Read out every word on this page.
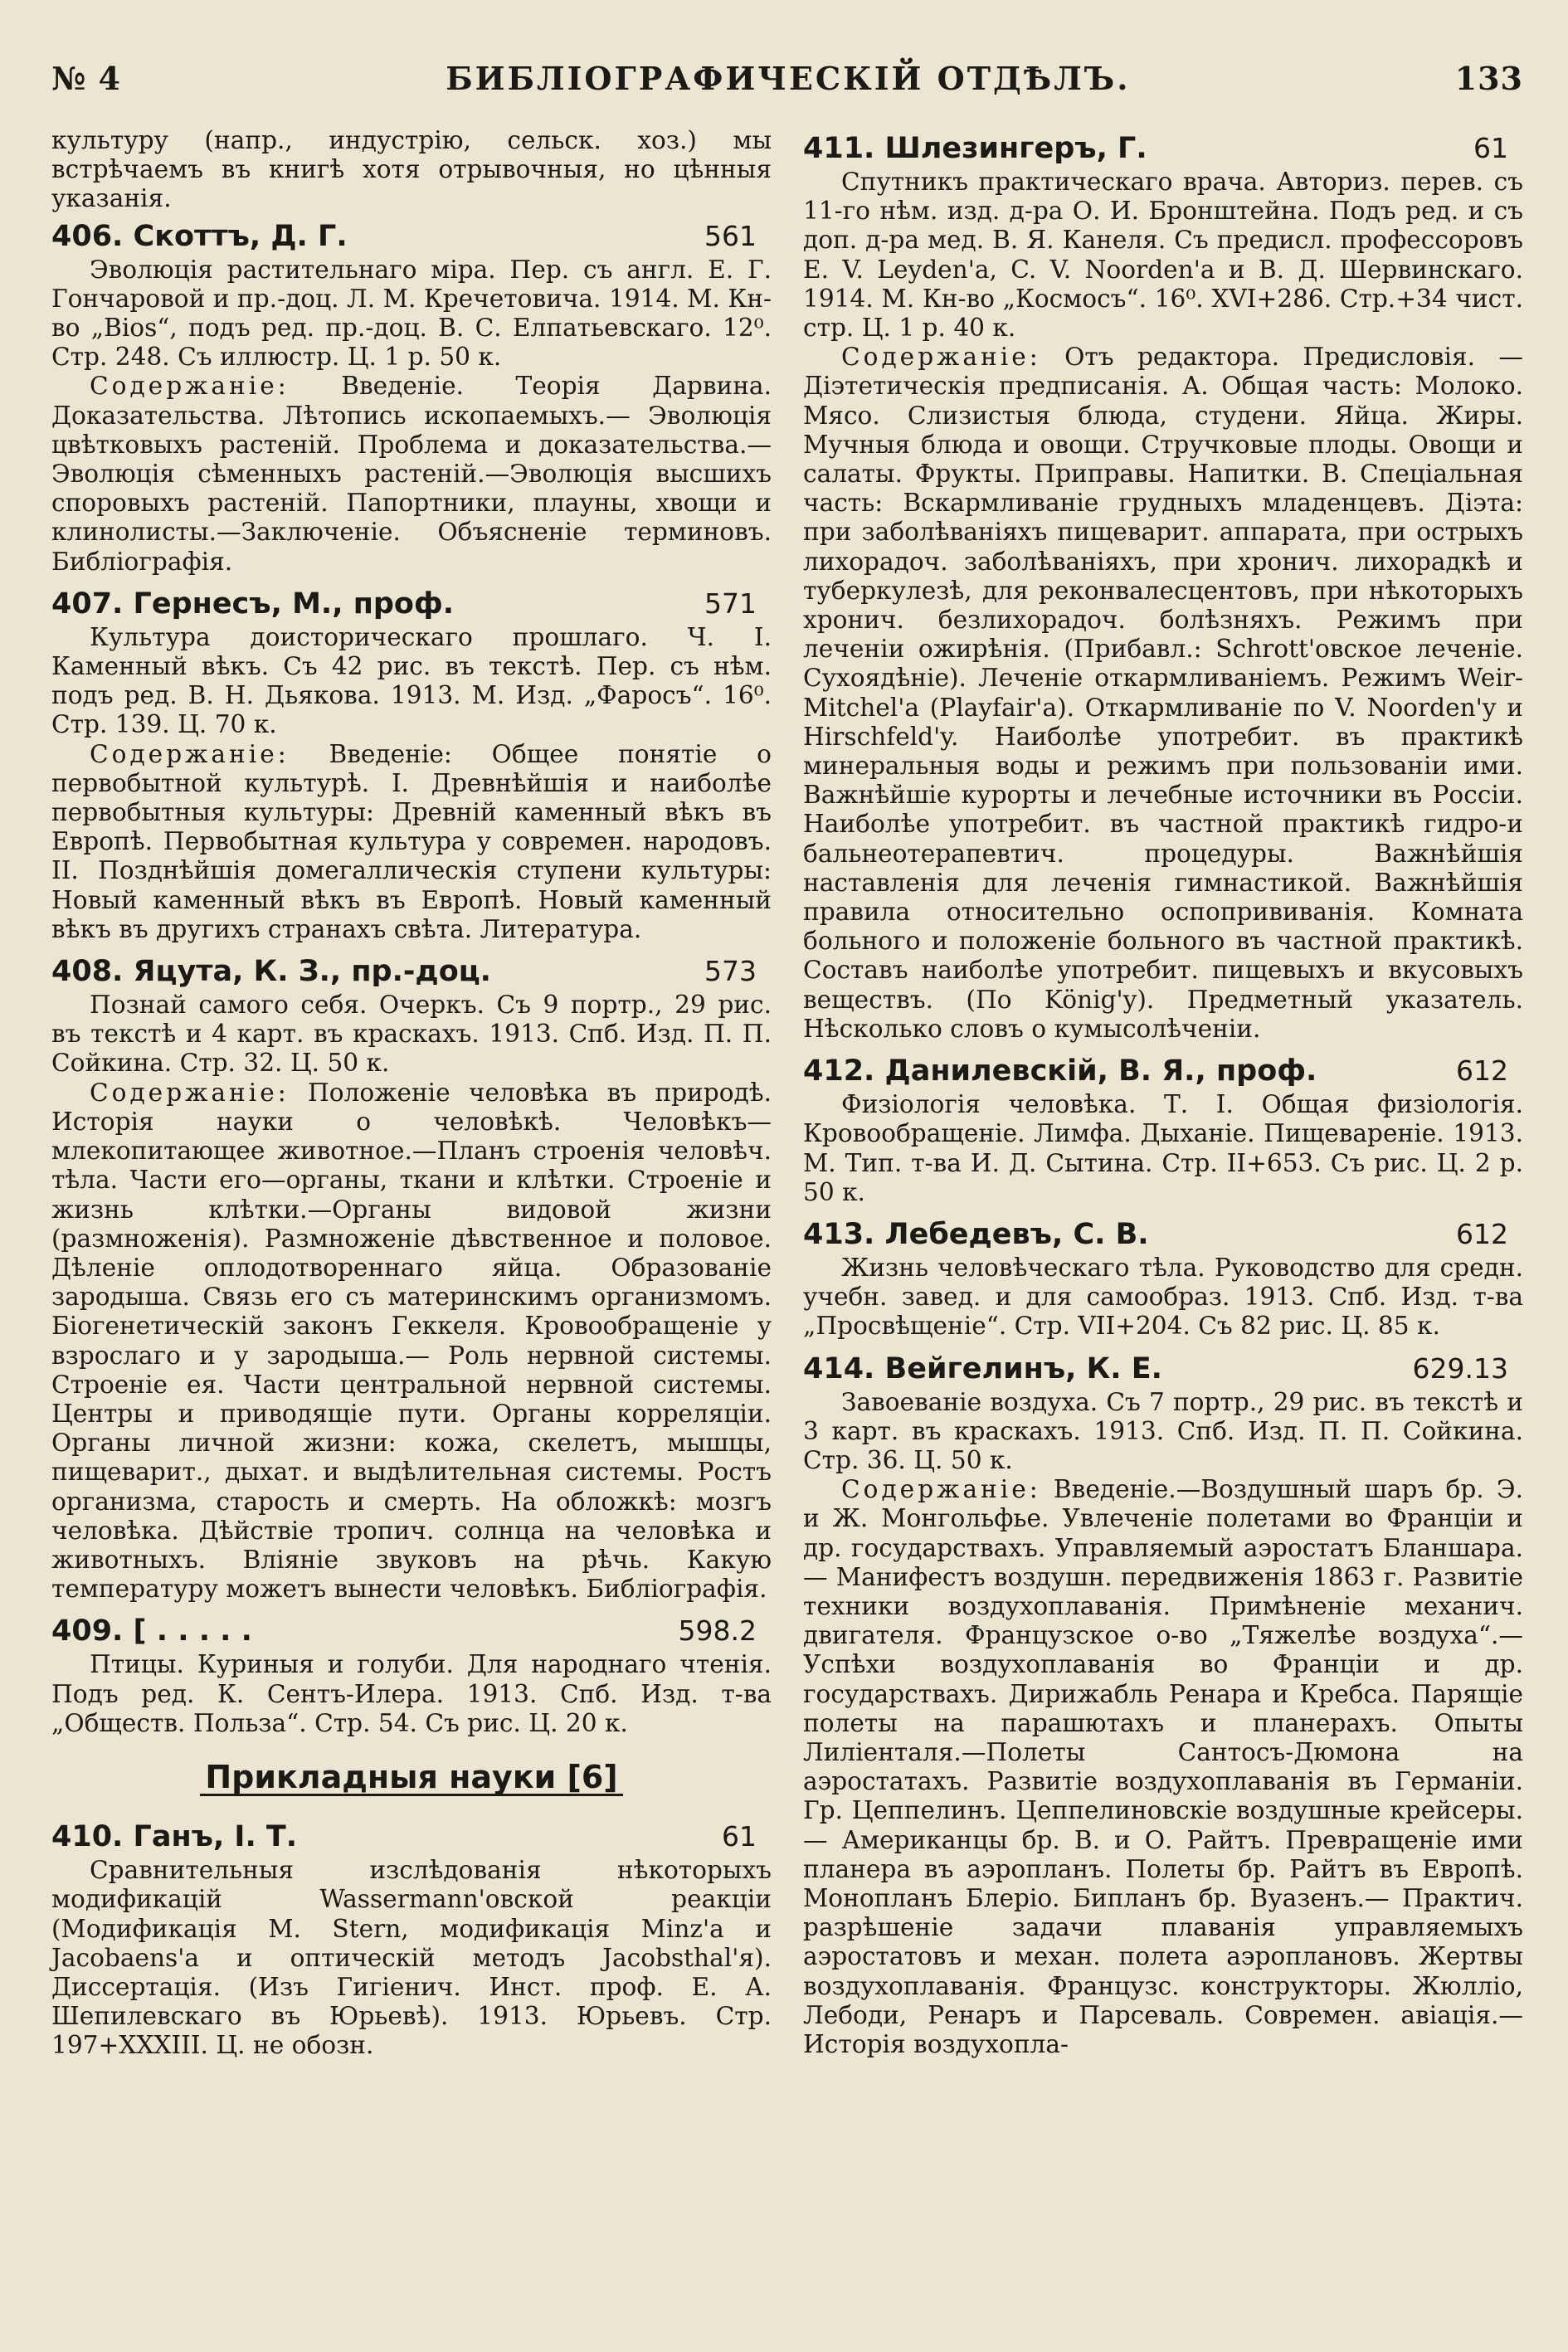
№ 4	БИБЛІОГРАФИЧЕСКІЙ ОТДѢЛЪ.	133

культуру (напр., индустрію, сельск. хоз.) мы встрѣчаемъ въ книгѣ хотя отрывочныя, но цѣнныя указанія.

406. Скоттъ, Д. Г.	561

Эволюція растительнаго міра. Пер. съ англ. Е. Г. Гончаровой и пр.-доц. Л. М. Кречетовича. 1914. М. Кн-во „Bios“, подъ ред. пр.-доц. В. С. Елпатьевскаго. 12⁰. Стр. 248. Съ иллюстр. Ц. 1 р. 50 к.

Содержаніе: Введеніе. Теорія Дарвина. Доказательства. Лѣтопись ископаемыхъ.— Эволюція цвѣтковыхъ растеній. Проблема и доказательства.—Эволюція сѣменныхъ растеній.—Эволюція высшихъ споровыхъ растеній. Папортники, плауны, хвощи и клинолисты.—Заключеніе. Объясненіе терминовъ. Библіографія.

407. Гернесъ, М., проф.	571

Культура доисторическаго прошлаго. Ч. I. Каменный вѣкъ. Съ 42 рис. въ текстѣ. Пер. съ нѣм. подъ ред. В. Н. Дьякова. 1913. М. Изд. „Фаросъ“. 16⁰. Стр. 139. Ц. 70 к.

Содержаніе: Введеніе: Общее понятіе о первобытной культурѣ. I. Древнѣйшія и наиболѣе первобытныя культуры: Древній каменный вѣкъ въ Европѣ. Первобытная культура у современ. народовъ. II. Позднѣйшія домегаллическія ступени культуры: Новый каменный вѣкъ въ Европѣ. Новый каменный вѣкъ въ другихъ странахъ свѣта. Литература.

408. Яцута, К. З., пр.-доц.	573

Познай самого себя. Очеркъ. Съ 9 портр., 29 рис. въ текстѣ и 4 карт. въ краскахъ. 1913. Спб. Изд. П. П. Сойкина. Стр. 32. Ц. 50 к.

Содержаніе: Положеніе человѣка въ природѣ. Исторія науки о человѣкѣ. Человѣкъ— млекопитающее животное.—Планъ строенія человѣч. тѣла. Части его—органы, ткани и клѣтки. Строеніе и жизнь клѣтки.—Органы видовой жизни (размноженія). Размноженіе дѣвственное и половое. Дѣленіе оплодотвореннаго яйца. Образованіе зародыша. Связь его съ материнскимъ организмомъ. Біогенетическій законъ Геккеля. Кровообращеніе у взрослаго и у зародыша.— Роль нервной системы. Строеніе ея. Части центральной нервной системы. Центры и приводящіе пути. Органы корреляціи. Органы личной жизни: кожа, скелетъ, мышцы, пищеварит., дыхат. и выдѣлительная системы. Ростъ организма, старость и смерть. На обложкѣ: мозгъ человѣка. Дѣйствіе тропич. солнца на человѣка и животныхъ. Вліяніе звуковъ на рѣчь. Какую температуру можетъ вынести человѣкъ. Библіографія.

409. [ . . . . .	598.2

Птицы. Куриныя и голуби. Для народнаго чтенія. Подъ ред. К. Сентъ-Илера. 1913. Спб. Изд. т-ва „Обществ. Польза“. Стр. 54. Съ рис. Ц. 20 к.

Прикладныя науки [6]
410. Ганъ, І. Т.	61

Сравнительныя изслѣдованія нѣкоторыхъ модификацій Wassermann'овской реакціи (Модификація M. Stern, модификація Minz'a и Jacobaens'a и оптическій методъ Jacobsthal'я). Диссертація. (Изъ Гигіенич. Инст. проф. Е. А. Шепилевскаго въ Юрьевѣ). 1913. Юрьевъ. Стр. 197+XXXIII. Ц. не обозн.

411. Шлезингеръ, Г.	61

Спутникъ практическаго врача. Авториз. перев. съ 11-го нѣм. изд. д-ра О. И. Бронштейна. Подъ ред. и съ доп. д-ра мед. В. Я. Канеля. Съ предисл. профессоровъ E. V. Leyden'a, C. V. Noorden'a и В. Д. Шервинскаго. 1914. М. Кн-во „Космосъ“. 16⁰. XVI+286. Стр.+34 чист. стр. Ц. 1 р. 40 к.

Содержаніе: Отъ редактора. Предисловія. — Діэтетическія предписанія. А. Общая часть: Молоко. Мясо. Слизистыя блюда, студени. Яйца. Жиры. Мучныя блюда и овощи. Стручковые плоды. Овощи и салаты. Фрукты. Приправы. Напитки. В. Спеціальная часть: Вскармливаніе грудныхъ младенцевъ. Діэта: при заболѣваніяхъ пищеварит. аппарата, при острыхъ лихорадоч. заболѣваніяхъ, при хронич. лихорадкѣ и туберкулезѣ, для реконвалесцентовъ, при нѣкоторыхъ хронич. безлихорадоч. болѣзняхъ. Режимъ при леченіи ожирѣнія. (Прибавл.: Schrott'овское леченіе. Сухоядѣніе). Леченіе откармливаніемъ. Режимъ Weir-Mitchel'a (Playfair'a). Откармливаніе по V. Noorden'y и Hirschfeld'y. Наиболѣе употребит. въ практикѣ минеральныя воды и режимъ при пользованіи ими. Важнѣйшіе курорты и лечебные источники въ Россіи. Наиболѣе употребит. въ частной практикѣ гидро-и бальнеотерапевтич. процедуры. Важнѣйшія наставленія для леченія гимнастикой. Важнѣйшія правила относительно оспопрививанія. Комната больного и положеніе больного въ частной практикѣ. Составъ наиболѣе употребит. пищевыхъ и вкусовыхъ веществъ. (По König'y). Предметный указатель. Нѣсколько словъ о кумысолѣченіи.

412. Данилевскій, В. Я., проф.	612

Физіологія человѣка. Т. I. Общая физіологія. Кровообращеніе. Лимфа. Дыханіе. Пищевареніе. 1913. М. Тип. т-ва И. Д. Сытина. Стр. II+653. Съ рис. Ц. 2 р. 50 к.

413. Лебедевъ, С. В.	612

Жизнь человѣческаго тѣла. Руководство для средн. учебн. завед. и для самообраз. 1913. Спб. Изд. т-ва „Просвѣщеніе“. Стр. VII+204. Съ 82 рис. Ц. 85 к.

414. Вейгелинъ, К. Е.	629.13

Завоеваніе воздуха. Съ 7 портр., 29 рис. въ текстѣ и 3 карт. въ краскахъ. 1913. Спб. Изд. П. П. Сойкина. Стр. 36. Ц. 50 к.

Содержаніе: Введеніе.—Воздушный шаръ бр. Э. и Ж. Монгольфье. Увлеченіе полетами во Франціи и др. государствахъ. Управляемый аэростатъ Бланшара.— Манифестъ воздушн. передвиженія 1863 г. Развитіе техники воздухоплаванія. Примѣненіе механич. двигателя. Французское о-во „Тяжелѣе воздуха“.—Успѣхи воздухоплаванія во Франціи и др. государствахъ. Дирижабль Ренара и Кребса. Парящіе полеты на парашютахъ и планерахъ. Опыты Лиліенталя.—Полеты Сантосъ-Дюмона на аэростатахъ. Развитіе воздухоплаванія въ Германіи. Гр. Цеппелинъ. Цеппелиновскіе воздушные крейсеры.— Американцы бр. В. и О. Райтъ. Превращеніе ими планера въ аэропланъ. Полеты бр. Райтъ въ Европѣ. Монопланъ Блеріо. Бипланъ бр. Вуазенъ.— Практич. разрѣшеніе задачи плаванія управляемыхъ аэростатовъ и механ. полета аэроплановъ. Жертвы воздухоплаванія. Французс. конструкторы. Жюлліо, Лебоди, Ренаръ и Парсеваль. Современ. авіація.—Исторія воздухопла-
